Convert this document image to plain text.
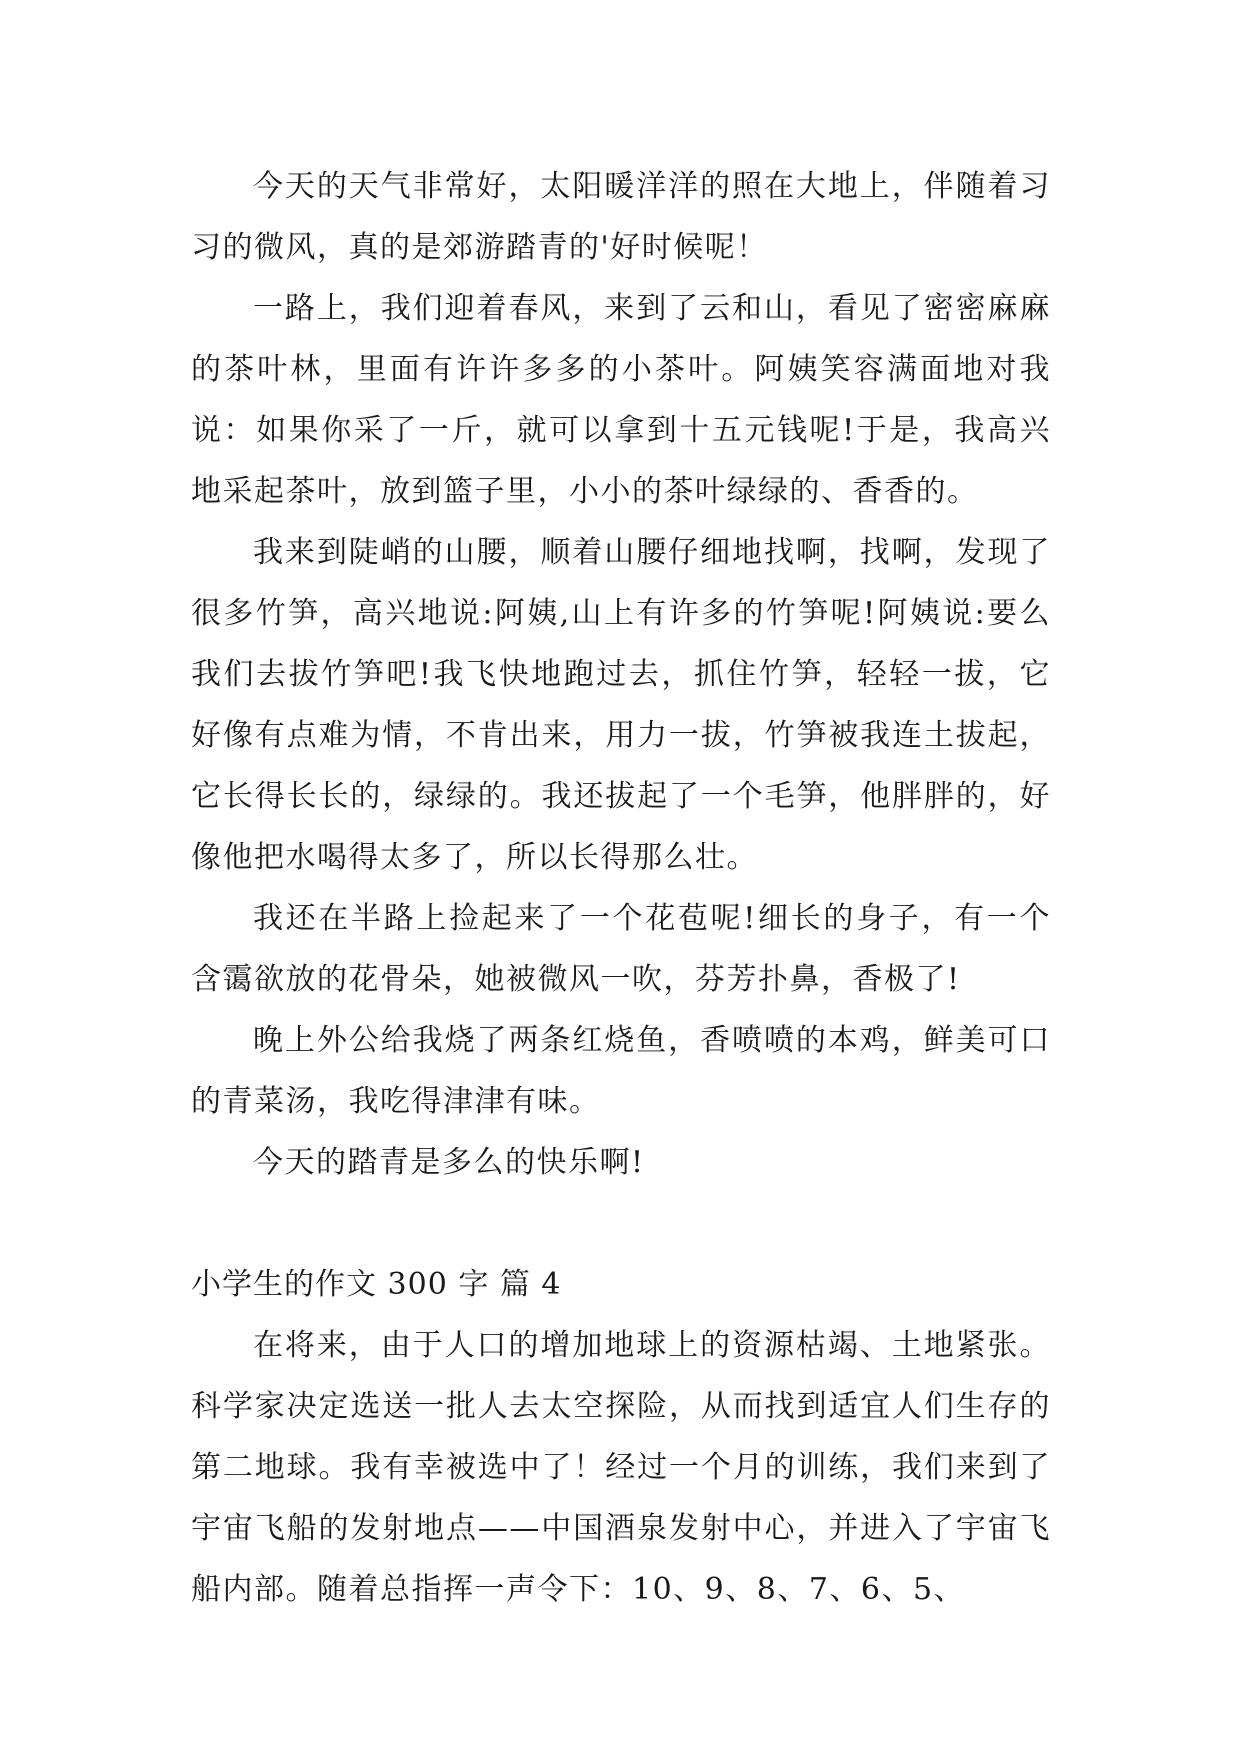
今天的天气非常好，太阳暖洋洋的照在大地上，伴随着习习的微风，真的是郊游踏青的'好时候呢！

一路上，我们迎着春风，来到了云和山，看见了密密麻麻的茶叶林，里面有许许多多的小茶叶。阿姨笑容满面地对我说：如果你采了一斤，就可以拿到十五元钱呢!于是，我高兴地采起茶叶，放到篮子里，小小的茶叶绿绿的、香香的。

我来到陡峭的山腰，顺着山腰仔细地找啊，找啊，发现了很多竹笋，高兴地说:阿姨,山上有许多的竹笋呢!阿姨说:要么我们去拔竹笋吧!我飞快地跑过去，抓住竹笋，轻轻一拔，它好像有点难为情，不肯出来，用力一拔，竹笋被我连土拔起，它长得长长的，绿绿的。我还拔起了一个毛笋，他胖胖的，好像他把水喝得太多了，所以长得那么壮。

我还在半路上捡起来了一个花苞呢!细长的身子，有一个含霭欲放的花骨朵，她被微风一吹，芬芳扑鼻，香极了!

晚上外公给我烧了两条红烧鱼，香喷喷的本鸡，鲜美可口的青菜汤，我吃得津津有味。

今天的踏青是多么的快乐啊!

小学生的作文 300 字 篇 4

在将来，由于人口的增加地球上的资源枯竭、土地紧张。科学家决定选送一批人去太空探险，从而找到适宜人们生存的第二地球。我有幸被选中了！经过一个月的训练，我们来到了宇宙飞船的发射地点——中国酒泉发射中心，并进入了宇宙飞船内部。随着总指挥一声令下：10、9、8、7、6、5、
